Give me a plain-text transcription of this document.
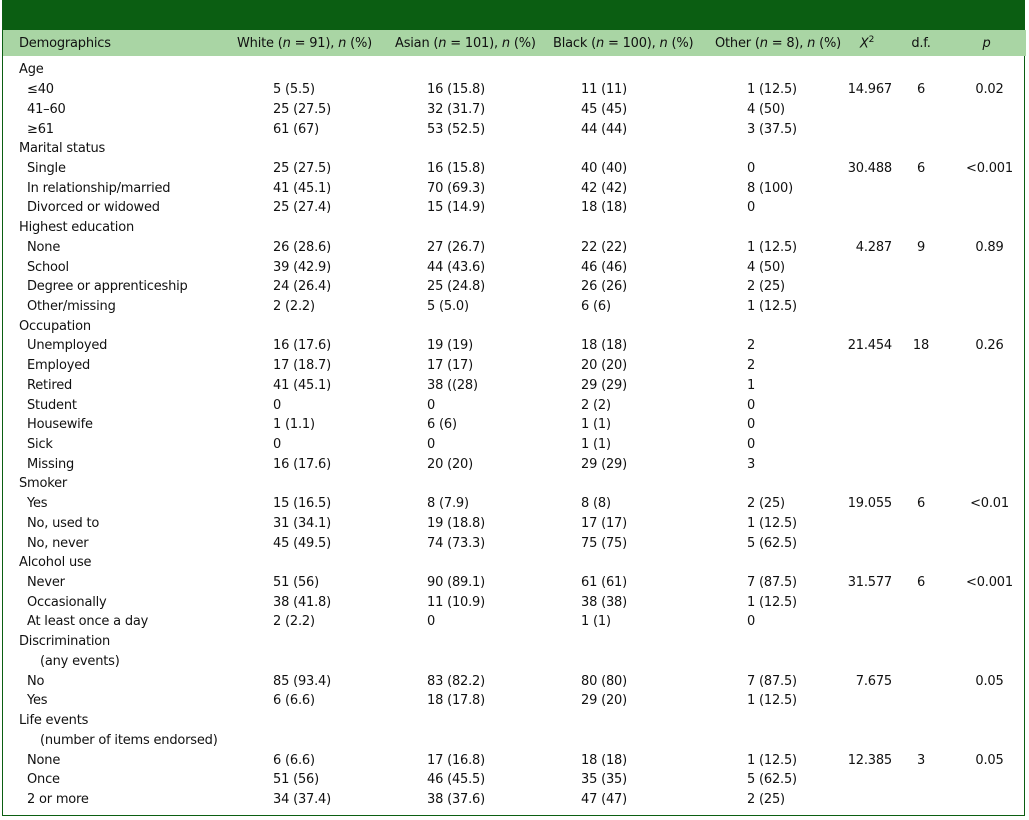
Demographics	White (n = 91), n (%)	Asian (n = 101), n (%)	Black (n = 100), n (%)	Other (n = 8), n (%)	$X^2$	d.f.	p
Age							
≤40	5 (5.5)	16 (15.8)	11 (11)	1 (12.5)	14.967	6	0.02
41–60	25 (27.5)	32 (31.7)	45 (45)	4 (50)			
≥61	61 (67)	53 (52.5)	44 (44)	3 (37.5)			
Marital status							
Single	25 (27.5)	16 (15.8)	40 (40)	0	30.488	6	<0.001
In relationship/married	41 (45.1)	70 (69.3)	42 (42)	8 (100)			
Divorced or widowed	25 (27.4)	15 (14.9)	18 (18)	0			
Highest education							
None	26 (28.6)	27 (26.7)	22 (22)	1 (12.5)	4.287	9	0.89
School	39 (42.9)	44 (43.6)	46 (46)	4 (50)			
Degree or apprenticeship	24 (26.4)	25 (24.8)	26 (26)	2 (25)			
Other/missing	2 (2.2)	5 (5.0)	6 (6)	1 (12.5)			
Occupation							
Unemployed	16 (17.6)	19 (19)	18 (18)	2	21.454	18	0.26
Employed	17 (18.7)	17 (17)	20 (20)	2			
Retired	41 (45.1)	38 ((28)	29 (29)	1			
Student	0	0	2 (2)	0			
Housewife	1 (1.1)	6 (6)	1 (1)	0			
Sick	0	0	1 (1)	0			
Missing	16 (17.6)	20 (20)	29 (29)	3			
Smoker							
Yes	15 (16.5)	8 (7.9)	8 (8)	2 (25)	19.055	6	<0.01
No, used to	31 (34.1)	19 (18.8)	17 (17)	1 (12.5)			
No, never	45 (49.5)	74 (73.3)	75 (75)	5 (62.5)			
Alcohol use							
Never	51 (56)	90 (89.1)	61 (61)	7 (87.5)	31.577	6	<0.001
Occasionally	38 (41.8)	11 (10.9)	38 (38)	1 (12.5)			
At least once a day	2 (2.2)	0	1 (1)	0			
Discrimination							
(any events)							
No	85 (93.4)	83 (82.2)	80 (80)	7 (87.5)	7.675		0.05
Yes	6 (6.6)	18 (17.8)	29 (20)	1 (12.5)			
Life events							
(number of items endorsed)							
None	6 (6.6)	17 (16.8)	18 (18)	1 (12.5)	12.385	3	0.05
Once	51 (56)	46 (45.5)	35 (35)	5 (62.5)			
2 or more	34 (37.4)	38 (37.6)	47 (47)	2 (25)			
